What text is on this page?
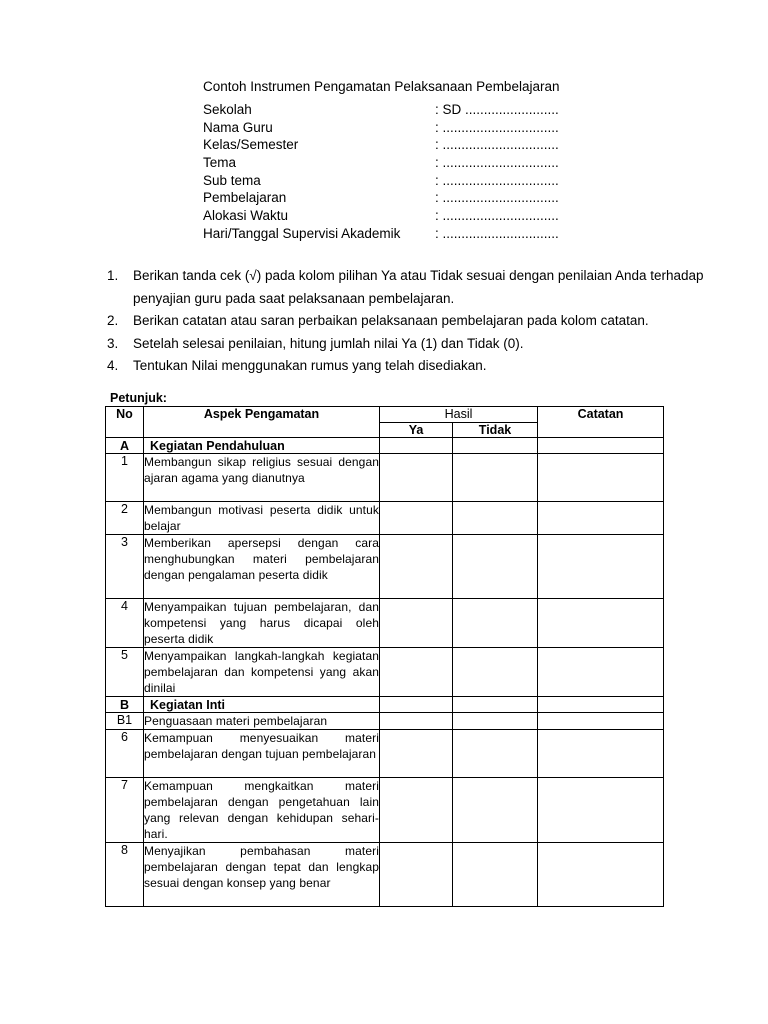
Contoh Instrumen Pengamatan Pelaksanaan Pembelajaran
Sekolah	: SD .........................
Nama Guru	: ...............................
Kelas/Semester	: ...............................
Tema	: ...............................
Sub tema	: ...............................
Pembelajaran	: ...............................
Alokasi Waktu	: ...............................
Hari/Tanggal Supervisi Akademik	: ...............................
1.	Berikan tanda cek (√) pada kolom pilihan Ya atau Tidak sesuai dengan penilaian Anda terhadap penyajian guru pada saat pelaksanaan pembelajaran.
2.	Berikan catatan atau saran perbaikan pelaksanaan pembelajaran pada kolom catatan.
3.	Setelah selesai penilaian, hitung jumlah nilai Ya (1) dan Tidak (0).
4.	Tentukan Nilai menggunakan rumus yang telah disediakan.
Petunjuk:
No	Aspek Pengamatan	Hasil		Catatan
		Ya	Tidak	
A	Kegiatan Pendahuluan			
1	Membangun sikap religius sesuai dengan ajaran agama yang dianutnya			
2	Membangun motivasi peserta didik untuk belajar			
3	Memberikan apersepsi dengan cara menghubungkan materi pembelajaran dengan pengalaman peserta didik			
4	Menyampaikan tujuan pembelajaran, dan kompetensi yang harus dicapai oleh peserta didik			
5	Menyampaikan langkah-langkah kegiatan pembelajaran dan kompetensi yang akan dinilai			
B	Kegiatan Inti			
B1	Penguasaan materi pembelajaran			
6	Kemampuan menyesuaikan materi pembelajaran dengan tujuan pembelajaran			
7	Kemampuan mengkaitkan materi pembelajaran dengan pengetahuan lain yang relevan dengan kehidupan sehari-hari.			
8	Menyajikan pembahasan materi pembelajaran dengan tepat dan lengkap sesuai dengan konsep yang benar			
